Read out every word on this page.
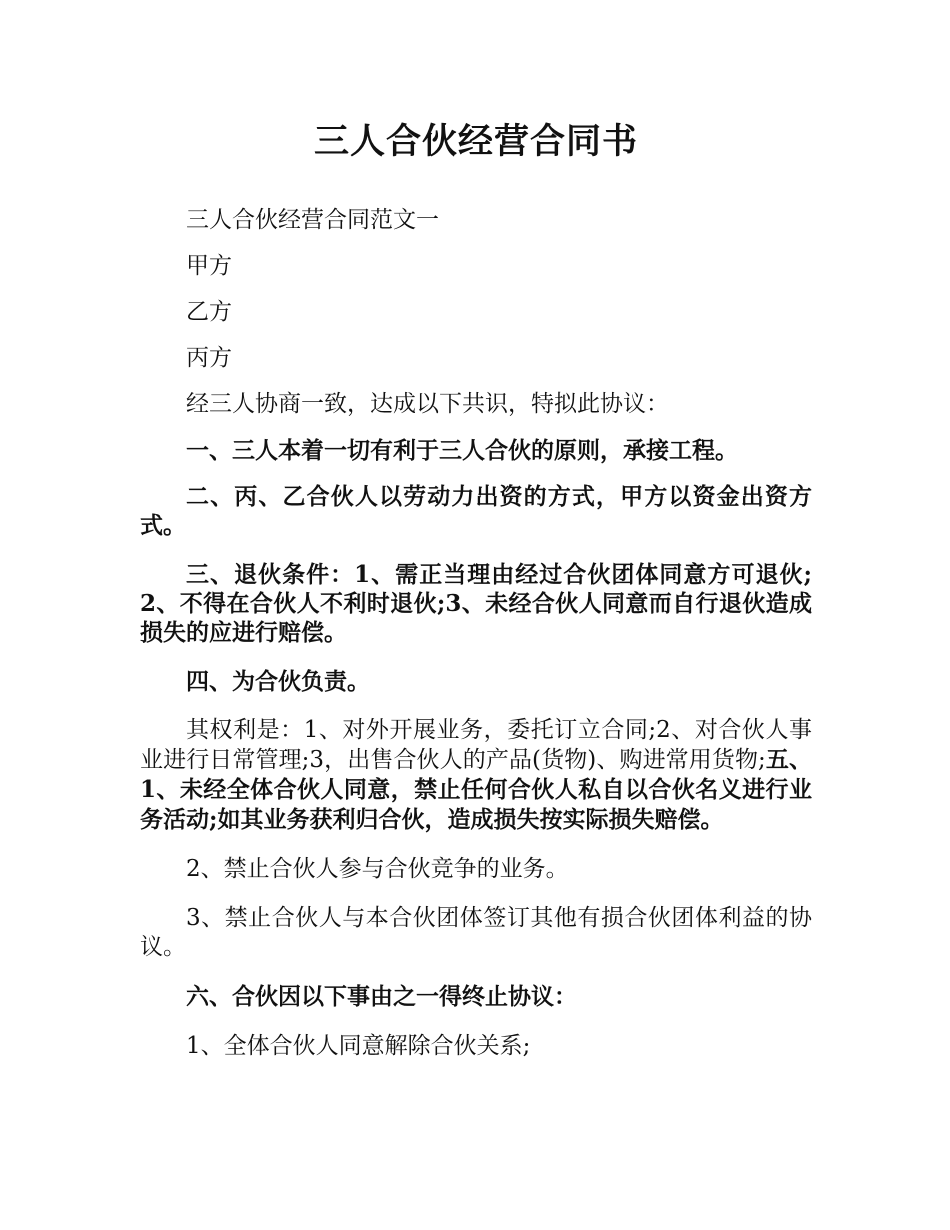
三人合伙经营合同书

三人合伙经营合同范文一

甲方

乙方

丙方

经三人协商一致，达成以下共识，特拟此协议：

一、三人本着一切有利于三人合伙的原则，承接工程。

二、丙、乙合伙人以劳动力出资的方式，甲方以资金出资方式。

三、退伙条件：1、需正当理由经过合伙团体同意方可退伙;2、不得在合伙人不利时退伙;3、未经合伙人同意而自行退伙造成损失的应进行赔偿。

四、为合伙负责。

其权利是：1、对外开展业务，委托订立合同;2、对合伙人事业进行日常管理;3，出售合伙人的产品(货物)、购进常用货物;五、1、未经全体合伙人同意，禁止任何合伙人私自以合伙名义进行业务活动;如其业务获利归合伙，造成损失按实际损失赔偿。

2、禁止合伙人参与合伙竞争的业务。

3、禁止合伙人与本合伙团体签订其他有损合伙团体利益的协议。

六、合伙因以下事由之一得终止协议：

1、全体合伙人同意解除合伙关系;
